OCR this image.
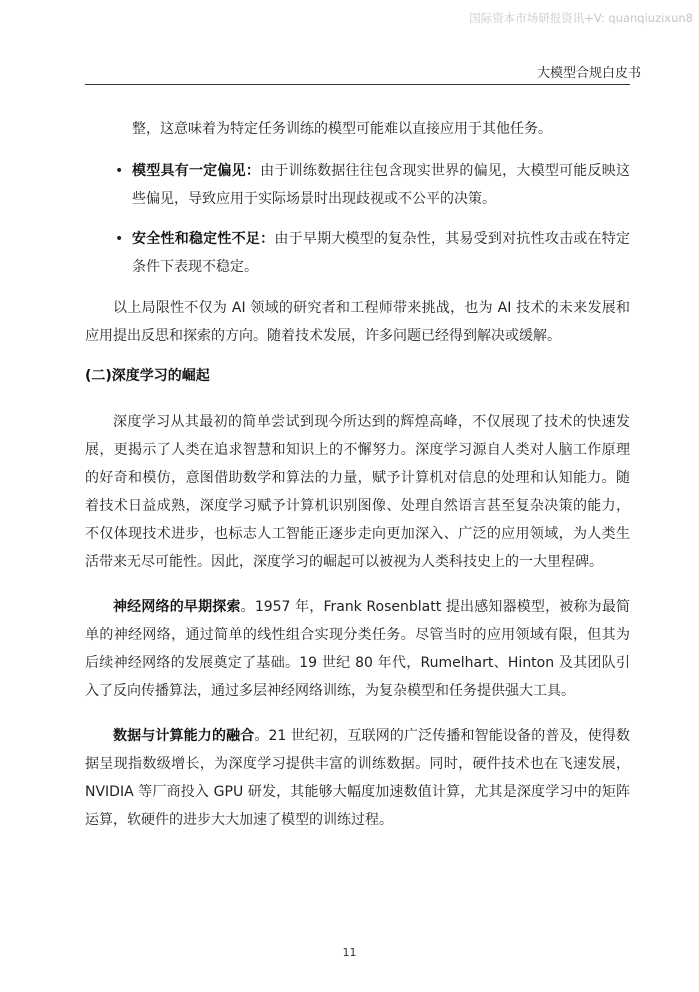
国际资本市场研报资讯+V: quanqiuzixun8
大模型合规白皮书

整，这意味着为特定任务训练的模型可能难以直接应用于其他任务。

• 模型具有一定偏见：由于训练数据往往包含现实世界的偏见，大模型可能反映这些偏见，导致应用于实际场景时出现歧视或不公平的决策。

• 安全性和稳定性不足：由于早期大模型的复杂性，其易受到对抗性攻击或在特定条件下表现不稳定。

以上局限性不仅为 AI 领域的研究者和工程师带来挑战，也为 AI 技术的未来发展和应用提出反思和探索的方向。随着技术发展，许多问题已经得到解决或缓解。

(二)深度学习的崛起

深度学习从其最初的简单尝试到现今所达到的辉煌高峰，不仅展现了技术的快速发展，更揭示了人类在追求智慧和知识上的不懈努力。深度学习源自人类对人脑工作原理的好奇和模仿，意图借助数学和算法的力量，赋予计算机对信息的处理和认知能力。随着技术日益成熟，深度学习赋予计算机识别图像、处理自然语言甚至复杂决策的能力，不仅体现技术进步，也标志人工智能正逐步走向更加深入、广泛的应用领域，为人类生活带来无尽可能性。因此，深度学习的崛起可以被视为人类科技史上的一大里程碑。

神经网络的早期探索。1957 年，Frank Rosenblatt 提出感知器模型，被称为最简单的神经网络，通过简单的线性组合实现分类任务。尽管当时的应用领域有限，但其为后续神经网络的发展奠定了基础。19 世纪 80 年代，Rumelhart、Hinton 及其团队引入了反向传播算法，通过多层神经网络训练，为复杂模型和任务提供强大工具。

数据与计算能力的融合。21 世纪初，互联网的广泛传播和智能设备的普及，使得数据呈现指数级增长，为深度学习提供丰富的训练数据。同时，硬件技术也在飞速发展，NVIDIA 等厂商投入 GPU 研发，其能够大幅度加速数值计算，尤其是深度学习中的矩阵运算，软硬件的进步大大加速了模型的训练过程。

11
